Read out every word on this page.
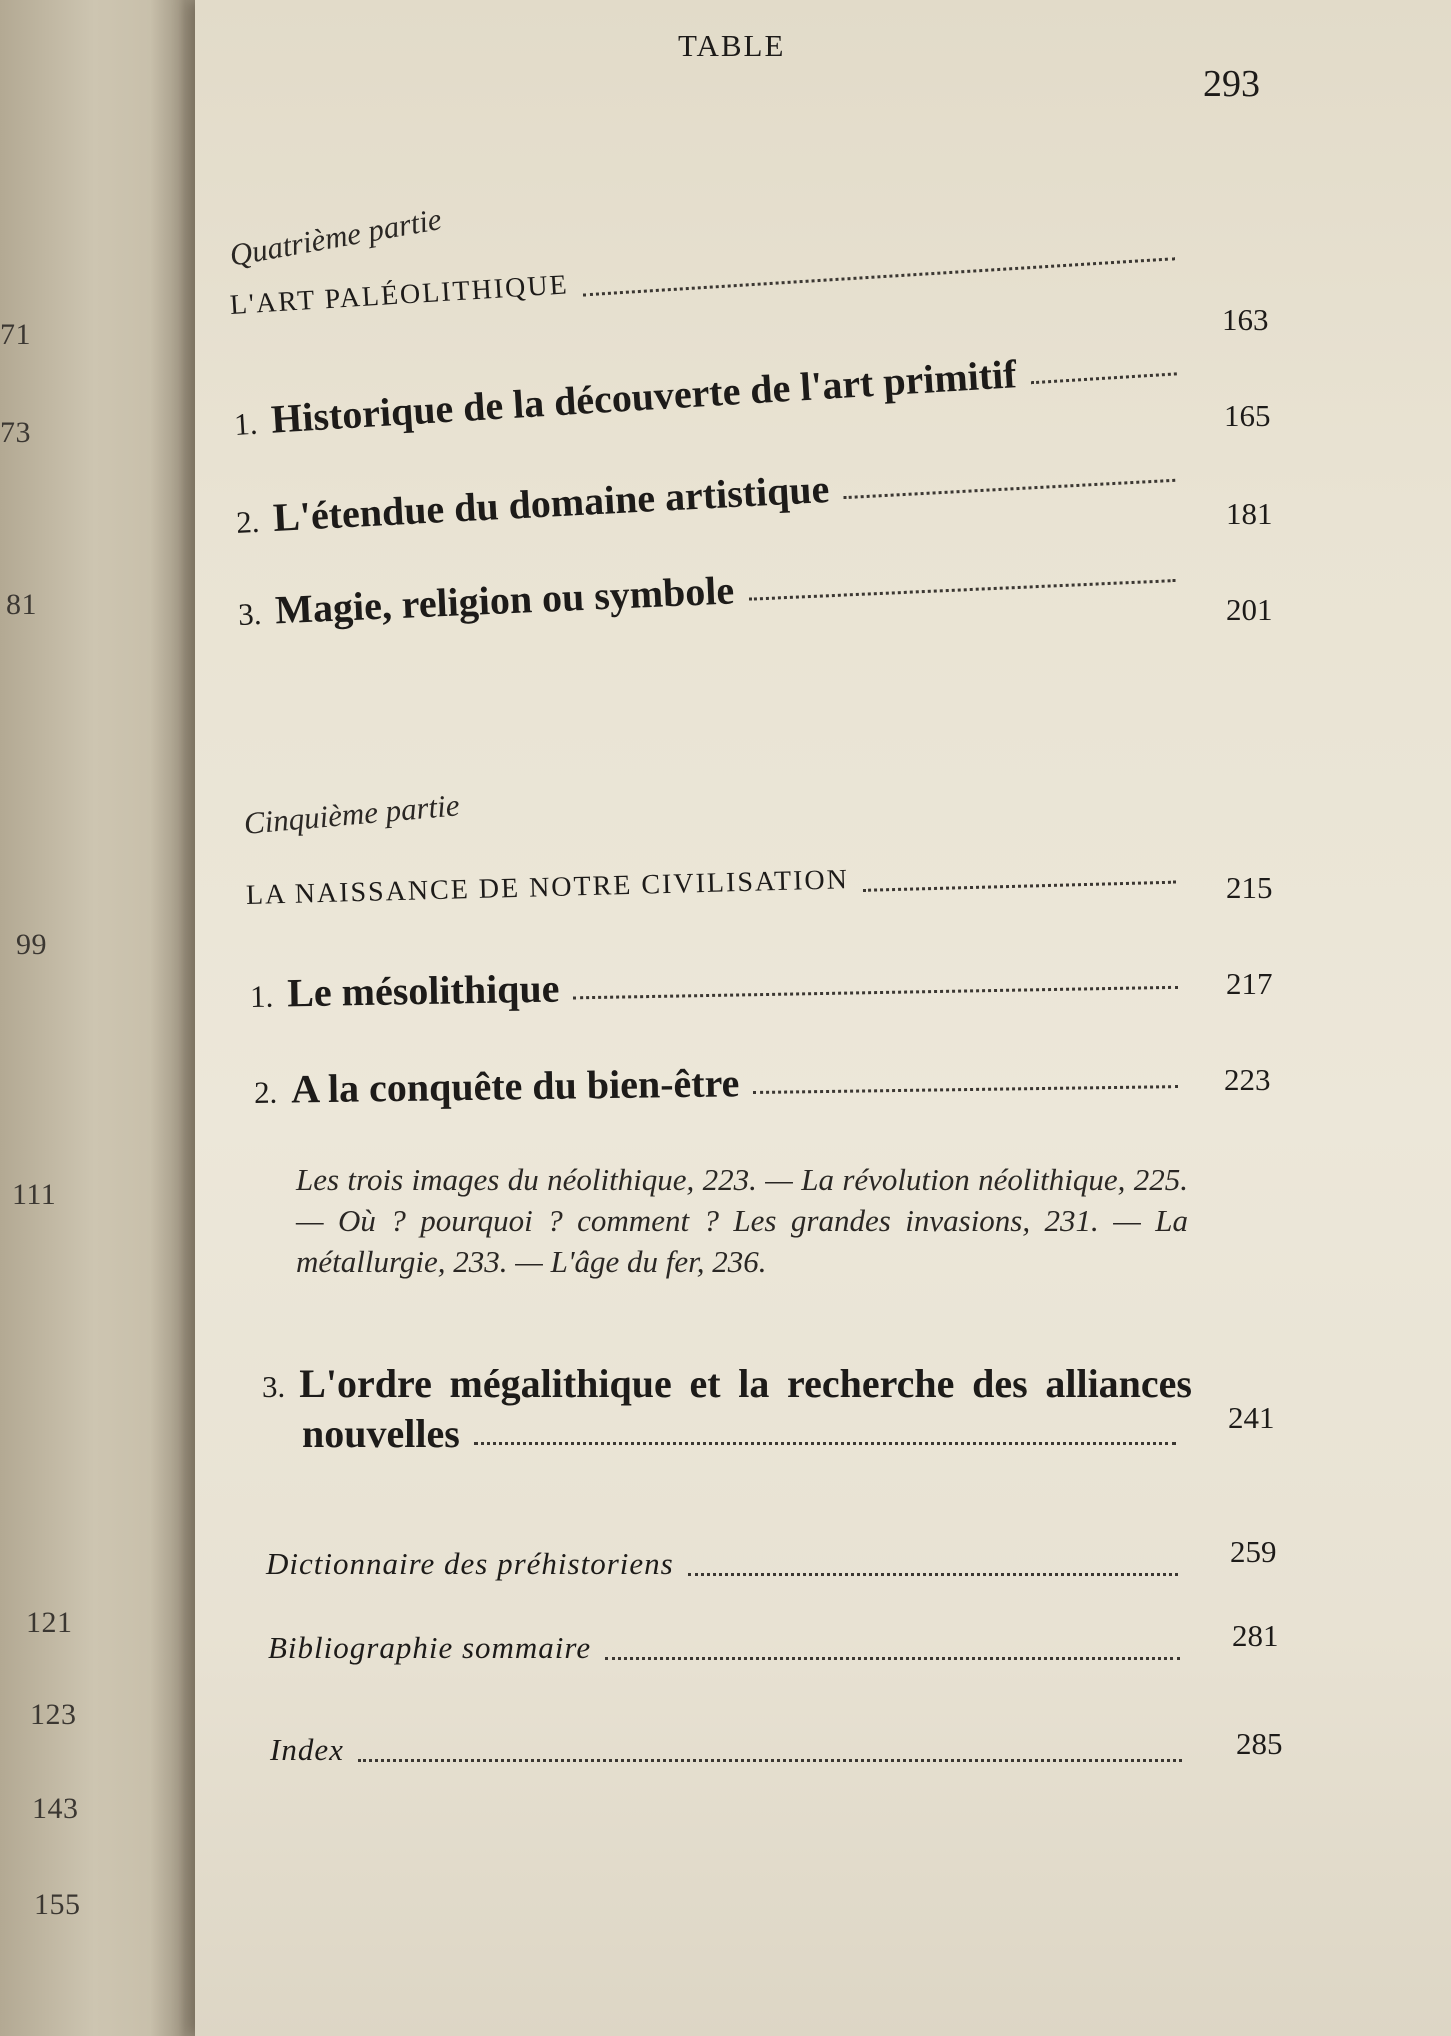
71
73
81
99
111
121
123
143
155
TABLE
293
Quatrième partie
L'ART PALÉOLITHIQUE	163
1. Historique de la découverte de l'art primitif	165
2. L'étendue du domaine artistique	181
3. Magie, religion ou symbole	201
Cinquième partie
LA NAISSANCE DE NOTRE CIVILISATION	215
1. Le mésolithique	217
2. A la conquête du bien-être	223

Les trois images du néolithique, 223. — La révolution néolithique, 225. — Où ? pourquoi ? comment ? Les grandes invasions, 231. — La métallurgie, 233. — L'âge du fer, 236.

3. L'ordre mégalithique et la recherche des alliances
nouvelles	241
Dictionnaire des préhistoriens	259
Bibliographie sommaire	281
Index	285
